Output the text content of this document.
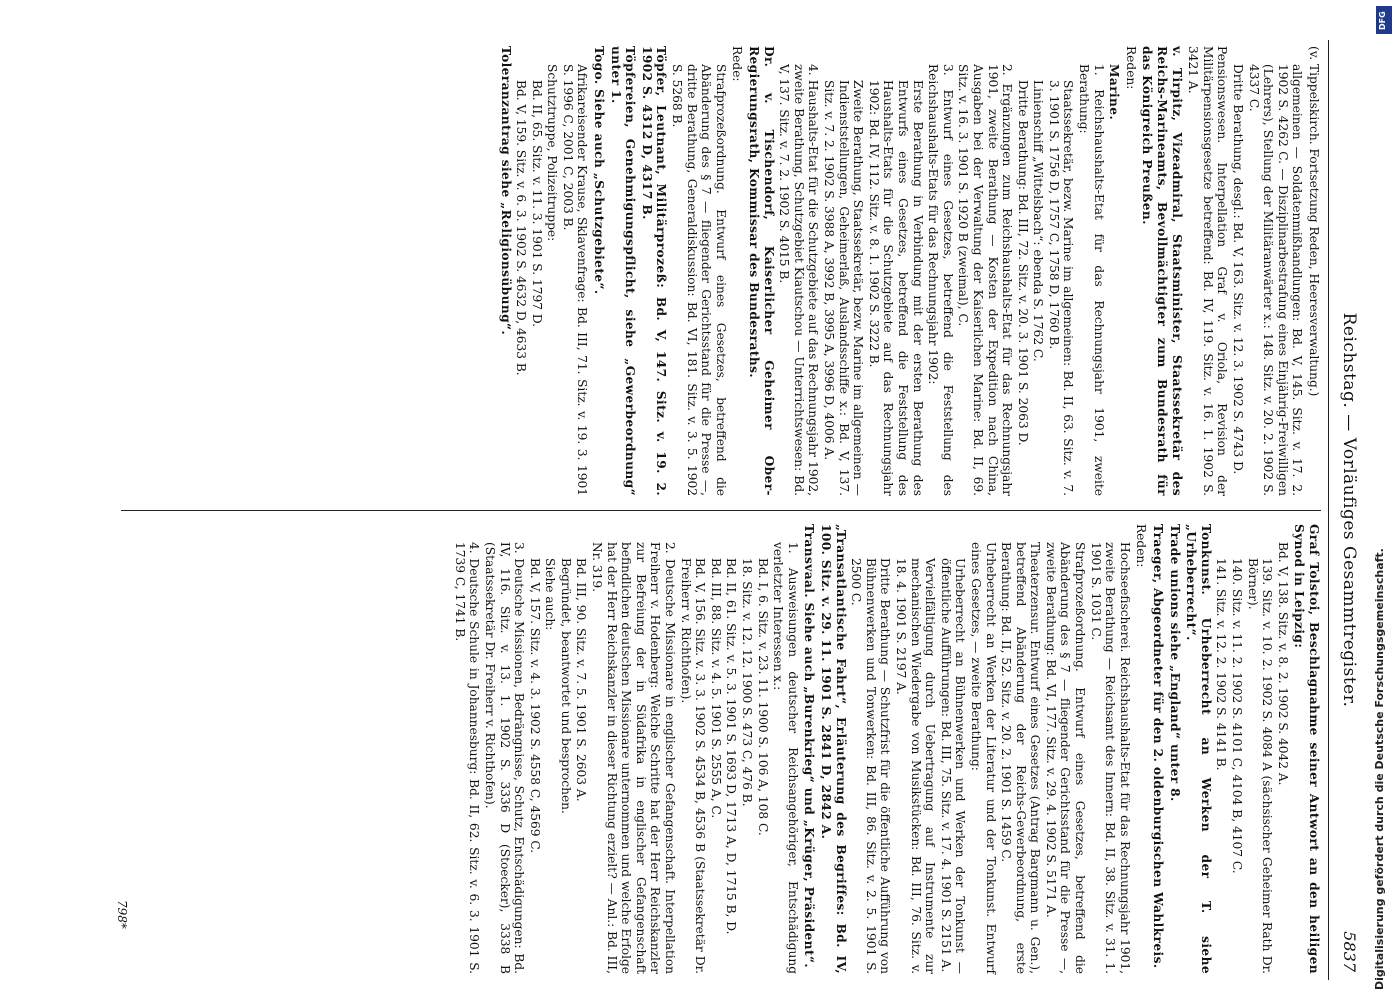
Reichstag. — Vorläufiges Gesammtregister.
5837

(v. Tippelskirch. Fortsetzung Reden, Heeresverwaltung.)

allgemeinen — Soldatenmißhandlungen: Bd. V, 145. Sitz. v. 17. 2. 1902 S. 4262 C. — Disziplinarbestrafung eines Einjährig-Freiwilligen (Lehrers), Stellung der Militäranwärter x.: 148. Sitz. v. 20. 2. 1902 S. 4337 C.

Dritte Berathung, desgl.: Bd. V, 163. Sitz. v. 12. 3. 1902 S. 4743 D.

Pensionswesen. Interpellation Graf v. Oriola, Revision der Militärpensionsgesetze betreffend: Bd. IV, 119. Sitz. v. 16. 1. 1902 S. 3421 A.

v. Tirpitz, Vizeadmiral, Staatsminister, Staatssekretär des Reichs-Marineamts, Bevollmächtigter zum Bundesrath für das Königreich Preußen.

Reden:

Marine.

1. Reichshaushalts-Etat für das Rechnungsjahr 1901, zweite Berathung:

Staatssekretär, bezw. Marine im allgemeinen: Bd. II, 63. Sitz. v. 7. 3. 1901 S. 1756 D, 1757 C, 1758 D, 1760 B.

Linienschiff „Wittelsbach“: ebenda S. 1762 C.

Dritte Berathung: Bd. III, 72. Sitz. v. 20. 3. 1901 S. 2063 D.

2. Ergänzungen zum Reichshaushalts-Etat für das Rechnungsjahr 1901, zweite Berathung — Kosten der Expedition nach China, Ausgaben bei der Verwaltung der Kaiserlichen Marine: Bd. II, 69. Sitz. v. 16. 3. 1901 S. 1920 B (zweimal), C.

3. Entwurf eines Gesetzes, betreffend die Feststellung des Reichshaushalts-Etats für das Rechnungsjahr 1902:

Erste Berathung in Verbindung mit der ersten Berathung des Entwurfs eines Gesetzes, betreffend die Feststellung des Haushalts-Etats für die Schutzgebiete auf das Rechnungsjahr 1902: Bd. IV, 112. Sitz. v. 8. 1. 1902 S. 3222 B.

Zweite Berathung, Staatssekretär, bezw. Marine im allgemeinen — Indienststellungen, Geheimerlaß, Auslandsschiffe x.: Bd. V, 137. Sitz. v. 7. 2. 1902 S. 3988 A, 3992 B, 3995 A, 3996 D, 4006 A.

4. Haushalts-Etat für die Schutzgebiete auf das Rechnungsjahr 1902, zweite Berathung, Schutzgebiet Kiautschou — Unterrichtswesen: Bd. V, 137. Sitz. v. 7. 2. 1902 S. 4015 B.

Dr. v. Tischendorf, Kaiserlicher Geheimer Ober-Regierungsrath, Kommissar des Bundesraths.

Rede:

Strafprozeßordnung. Entwurf eines Gesetzes, betreffend die Abänderung des § 7 — fliegender Gerichtsstand für die Presse —, dritte Berathung, Generaldiskussion: Bd. VI, 181. Sitz. v. 3. 5. 1902 S. 5268 B.

Töpfer, Leutnant, Militärprozeß: Bd. V, 147. Sitz. v. 19. 2. 1902 S. 4312 D, 4317 B.

Töpfereien, Genehmigungspflicht, siehe „Gewerbeordnung“ unter 1.

Togo. Siehe auch „Schutzgebiete“.

Afrikareisender Krause, Sklavenfrage: Bd. III, 71. Sitz. v. 19. 3. 1901 S. 1996 C, 2001 C, 2003 B.

Schutztruppe, Polizeitruppe:

Bd. II, 65. Sitz. v. 11. 3. 1901 S. 1797 D.

Bd. V, 159. Sitz. v. 6. 3. 1902 S. 4632 D, 4633 B.

Toleranzantrag siehe „Religionsübung“.

Graf Tolstoi, Beschlagnahme seiner Antwort an den heiligen Synod in Leipzig:

Bd. V, 138. Sitz. v. 8. 2. 1902 S. 4042 A.

139. Sitz. v. 10. 2. 1902 S. 4084 A (sächsischer Geheimer Rath Dr. Börner).

140. Sitz. v. 11. 2. 1902 S. 4101 C, 4104 B, 4107 C.

141. Sitz. v. 12. 2. 1902 S. 4141 B.

Tonkunst. Urheberrecht an Werken der T. siehe „Urheberrecht“.

Trade unions siehe „England“ unter 8.

Traeger, Abgeordneter für den 2. oldenburgischen Wahlkreis.

Reden:

Hochseefischerei. Reichshaushalts-Etat für das Rechnungsjahr 1901, zweite Berathung — Reichsamt des Innern: Bd. II, 38. Sitz. v. 31. 1. 1901 S. 1031 C.

Strafprozeßordnung. Entwurf eines Gesetzes, betreffend die Abänderung des § 7 — fliegender Gerichtsstand für die Presse —, zweite Berathung: Bd. VI, 177. Sitz. v. 29. 4. 1902 S. 5171 A.

Theaterzensur. Entwurf eines Gesetzes (Antrag Bargmann u. Gen.), betreffend Abänderung der Reichs-Gewerbeordnung, erste Berathung: Bd. II, 52. Sitz. v. 20. 2. 1901 S. 1459 C.

Urheberrecht an Werken der Literatur und der Tonkunst. Entwurf eines Gesetzes, — zweite Berathung:

Urheberrecht an Bühnenwerken und Werken der Tonkunst — öffentliche Aufführungen: Bd. III, 75. Sitz. v. 17. 4. 1901 S. 2151 A.

Vervielfältigung durch Uebertragung auf Instrumente zur mechanischen Wiedergabe von Musikstücken: Bd. III, 76. Sitz. v. 18. 4. 1901 S. 2197 A.

Dritte Berathung — Schutzfrist für die öffentliche Aufführung von Bühnenwerken und Tonwerken: Bd. III, 86. Sitz. v. 2. 5. 1901 S. 2500 C.

„Transatlantische Fahrt“, Erläuterung des Begriffes: Bd. IV, 100. Sitz. v. 29. 11. 1901 S. 2841 D, 2842 A.

Transvaal. Siehe auch „Burenkrieg“ und „Krüger, Präsident“.

1. Ausweisungen deutscher Reichsangehöriger, Entschädigung verletzter Interessen x.:

Bd. I, 6. Sitz. v. 23. 11. 1900 S. 106 A, 108 C.

18. Sitz. v. 12. 12. 1900 S. 473 C, 476 B.

Bd. II, 61. Sitz. v. 5. 3. 1901 S. 1693 D, 1713 A, D, 1715 B, D.

Bd. III, 88. Sitz. v. 4. 5. 1901 S. 2555 A, C.

Bd. V, 156. Sitz. v. 3. 3. 1902 S. 4534 B, 4536 B (Staatssekretär Dr. Freiherr v. Richthofen).

2. Deutsche Missionare in englischer Gefangenschaft. Interpellation Freiherr v. Hodenberg: Welche Schritte hat der Herr Reichskanzler zur Befreiung der in Südafrika in englischer Gefangenschaft befindlichen deutschen Missionare unternommen und welche Erfolge hat der Herr Reichskanzler in dieser Richtung erzielt? — Anl.: Bd. III, Nr. 319.

Bd. III, 90. Sitz. v. 7. 5. 1901 S. 2603 A.

Begründet, beantwortet und besprochen.

Siehe auch:

Bd. V, 157. Sitz. v. 4. 3. 1902 S. 4558 C, 4569 C.

3. Deutsche Missionen, Bedrängnisse, Schutz, Entschädigungen: Bd. IV, 116. Sitz. v. 13. 1. 1902 S. 3336 D (Stoecker), 3338 B (Staatssekretär Dr. Freiherr v. Richthofen).

4. Deutsche Schule in Johannesburg: Bd. II, 62. Sitz. v. 6. 3. 1901 S. 1739 C, 1741 B.

798*	Digitalisierung gefördert durch die Deutsche Forschungsgemeinschaft.
DFG
